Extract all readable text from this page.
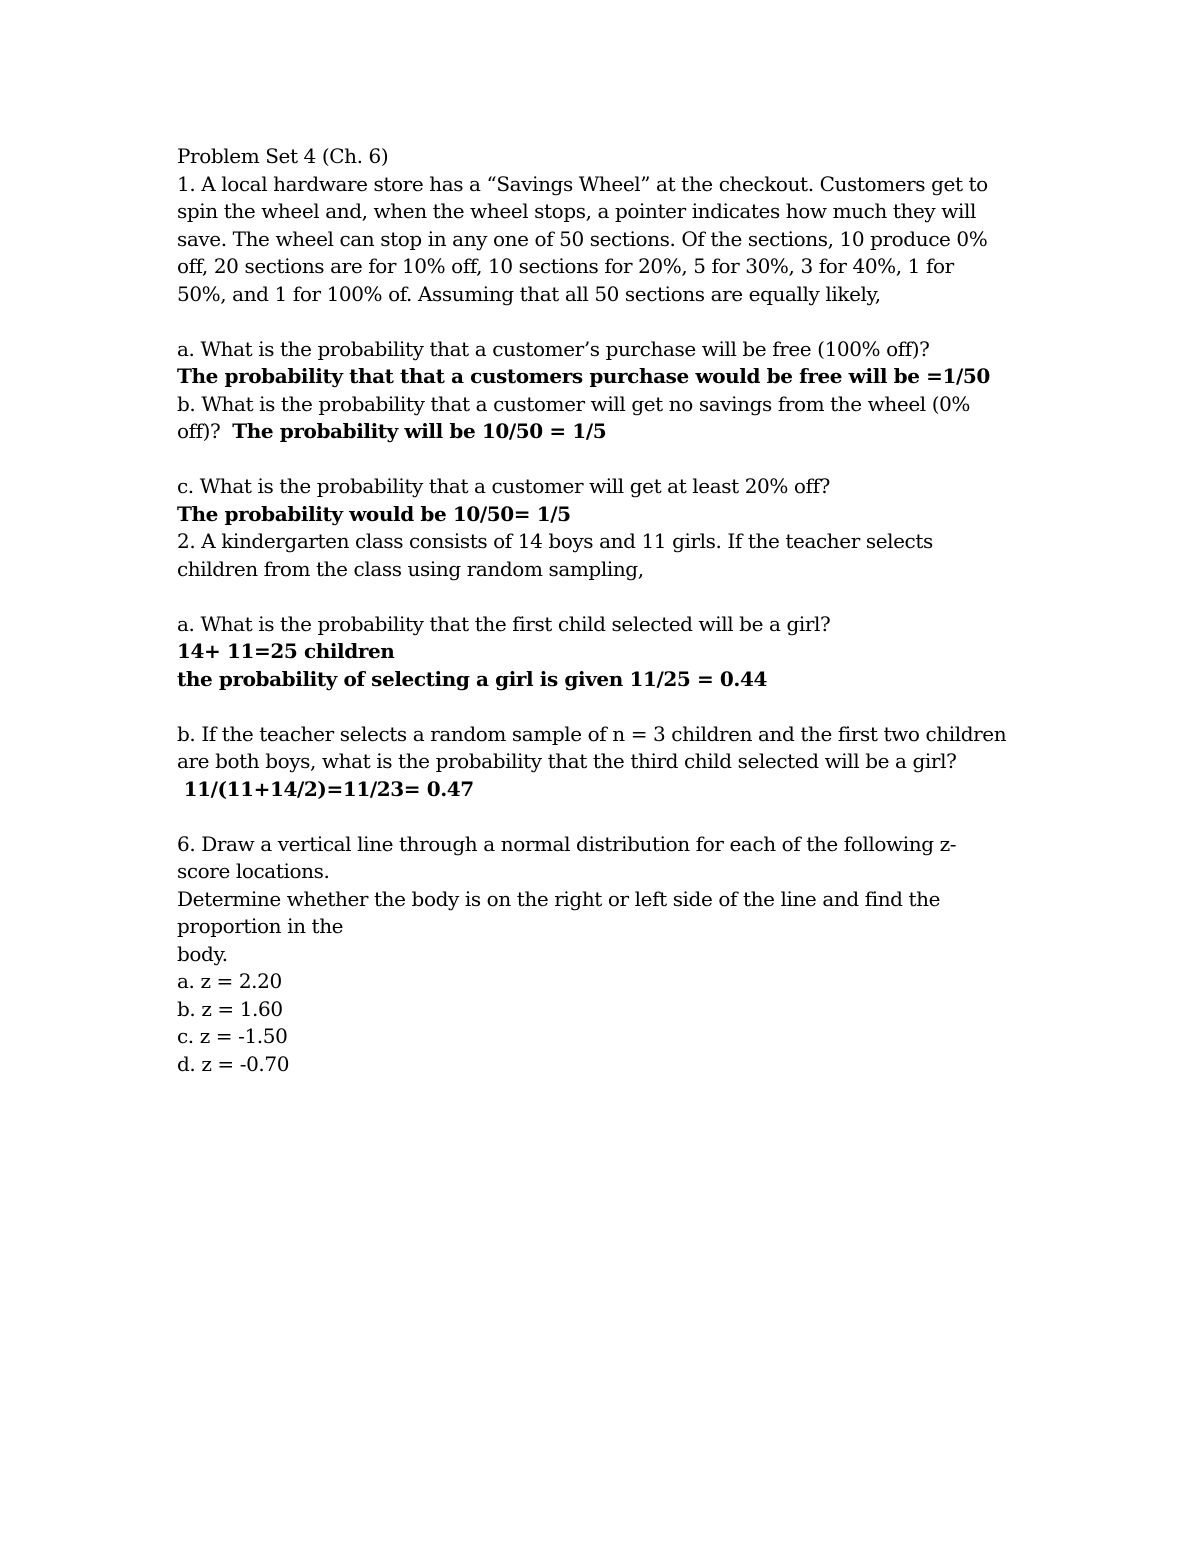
Problem Set 4 (Ch. 6)
1. A local hardware store has a “Savings Wheel” at the checkout. Customers get to
spin the wheel and, when the wheel stops, a pointer indicates how much they will
save. The wheel can stop in any one of 50 sections. Of the sections, 10 produce 0%
off, 20 sections are for 10% off, 10 sections for 20%, 5 for 30%, 3 for 40%, 1 for
50%, and 1 for 100% of. Assuming that all 50 sections are equally likely,
a. What is the probability that a customer’s purchase will be free (100% off)?
The probability that that a customers purchase would be free will be =1/50
b. What is the probability that a customer will get no savings from the wheel (0%
off)?  The probability will be 10/50 = 1/5
c. What is the probability that a customer will get at least 20% off?
The probability would be 10/50= 1/5
2. A kindergarten class consists of 14 boys and 11 girls. If the teacher selects
children from the class using random sampling,
a. What is the probability that the first child selected will be a girl?
14+ 11=25 children
the probability of selecting a girl is given 11/25 = 0.44
b. If the teacher selects a random sample of n = 3 children and the first two children
are both boys, what is the probability that the third child selected will be a girl?
11/(11+14/2)=11/23= 0.47
6. Draw a vertical line through a normal distribution for each of the following z-
score locations.
Determine whether the body is on the right or left side of the line and find the
proportion in the
body.
a. z = 2.20
b. z = 1.60
c. z = -1.50
d. z = -0.70
